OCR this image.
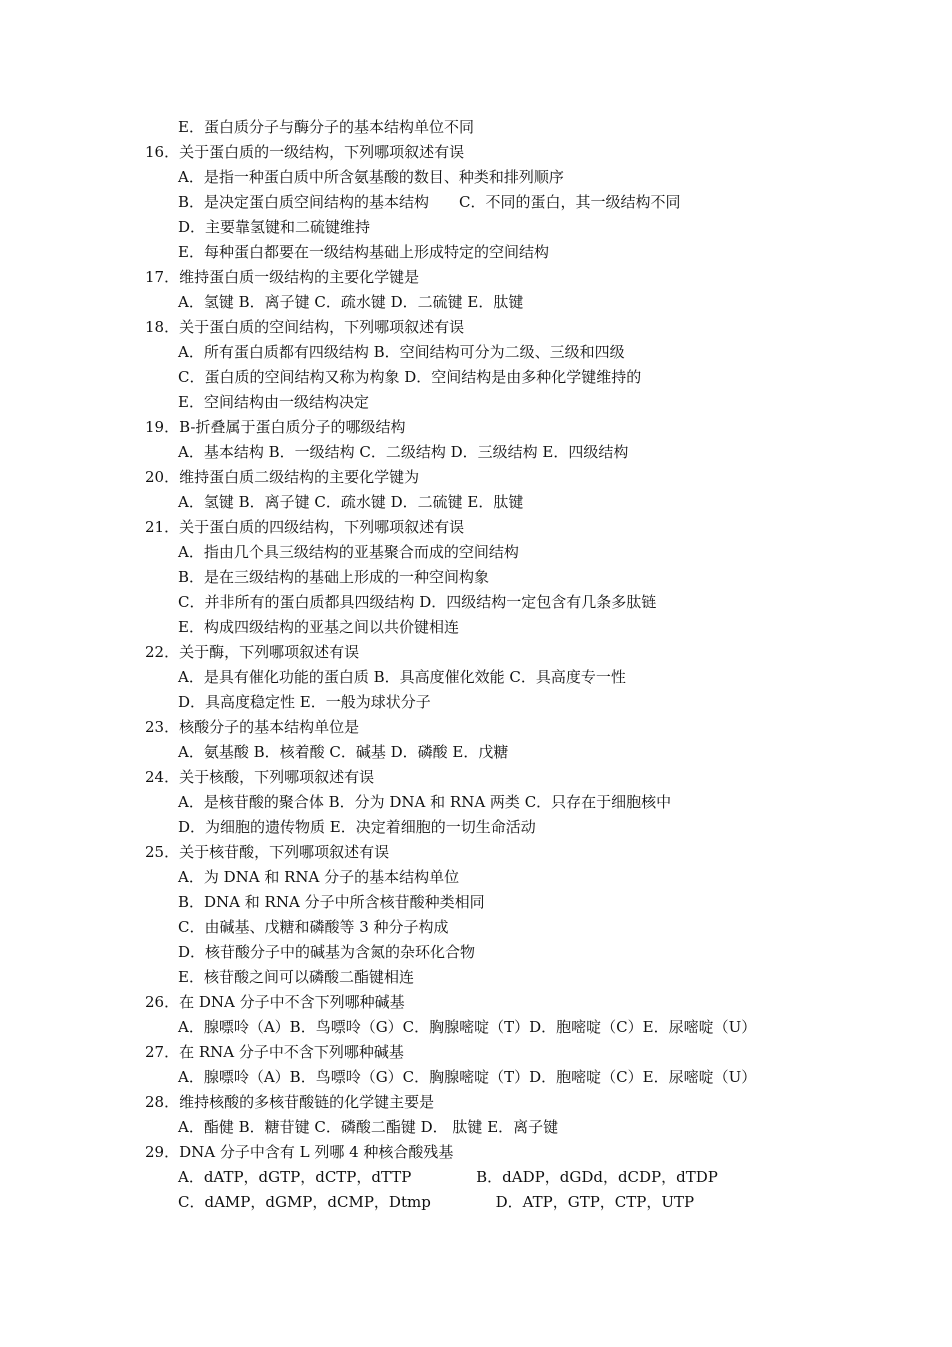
E．蛋白质分子与酶分子的基本结构单位不同
16．关于蛋白质的一级结构，下列哪项叙述有误
A．是指一种蛋白质中所含氨基酸的数目、种类和排列顺序
B．是决定蛋白质空间结构的基本结构　　C．不同的蛋白，其一级结构不同
D．主要靠氢键和二硫键维持
E．每种蛋白都要在一级结构基础上形成特定的空间结构
17．维持蛋白质一级结构的主要化学键是
A．氢键 B．离子键 C．疏水键 D．二硫键 E．肽键
18．关于蛋白质的空间结构，下列哪项叙述有误
A．所有蛋白质都有四级结构 B．空间结构可分为二级、三级和四级
C．蛋白质的空间结构又称为构象 D．空间结构是由多种化学键维持的
E．空间结构由一级结构决定
19．B-折叠属于蛋白质分子的哪级结构
A．基本结构 B．一级结构 C．二级结构 D．三级结构 E．四级结构
20．维持蛋白质二级结构的主要化学键为
A．氢键 B．离子键 C．疏水键 D．二硫键 E．肽键
21．关于蛋白质的四级结构，下列哪项叙述有误
A．指由几个具三级结构的亚基聚合而成的空间结构
B．是在三级结构的基础上形成的一种空间构象
C．并非所有的蛋白质都具四级结构 D．四级结构一定包含有几条多肽链
E．构成四级结构的亚基之间以共价键相连
22．关于酶，下列哪项叙述有误
A．是具有催化功能的蛋白质 B．具高度催化效能 C．具高度专一性
D．具高度稳定性 E．一般为球状分子
23．核酸分子的基本结构单位是
A．氨基酸 B．核着酸 C．碱基 D．磷酸 E．戊糖
24．关于核酸，下列哪项叙述有误
A．是核苷酸的聚合体 B．分为 DNA 和 RNA 两类 C．只存在于细胞核中
D．为细胞的遗传物质 E．决定着细胞的一切生命活动
25．关于核苷酸，下列哪项叙述有误
A．为 DNA 和 RNA 分子的基本结构单位
B．DNA 和 RNA 分子中所含核苷酸种类相同
C．由碱基、戊糖和磷酸等 3 种分子构成
D．核苷酸分子中的碱基为含氮的杂环化合物
E．核苷酸之间可以磷酸二酯键相连
26．在 DNA 分子中不含下列哪种碱基
A．腺嘌呤（A）B．鸟嘌呤（G）C．胸腺嘧啶（T）D．胞嘧啶（C）E．尿嘧啶（U）
27．在 RNA 分子中不含下列哪种碱基
A．腺嘌呤（A）B．鸟嘌呤（G）C．胸腺嘧啶（T）D．胞嘧啶（C）E．尿嘧啶（U）
28．维持核酸的多核苷酸链的化学键主要是
A．酯健 B．糖苷键 C．磷酸二酯键 D． 肽键 E．离子键
29．DNA 分子中含有 L 列哪 4 种核合酸残基
A．dATP，dGTP，dCTP，dTTP　　　　 B．dADP，dGDd，dCDP，dTDP
C．dAMP，dGMP，dCMP，Dtmp　　　　 D．ATP，GTP，CTP，UTP
